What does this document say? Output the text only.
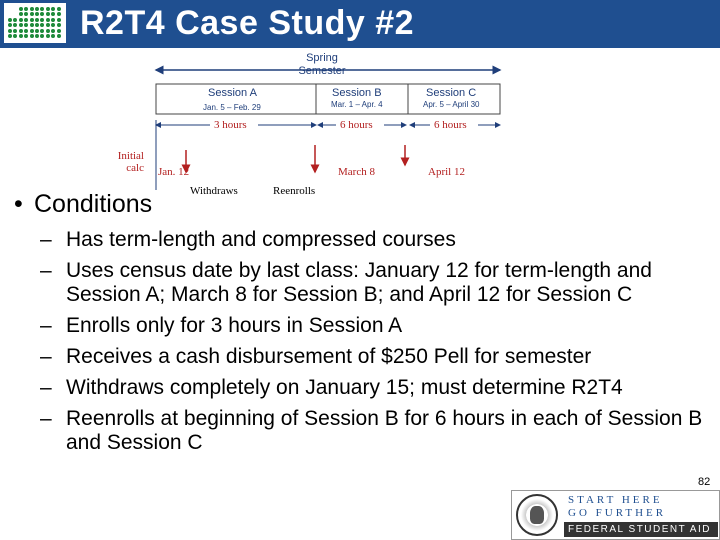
R2T4 Case Study #2
Spring
Semester
Session A
Jan. 5 – Feb. 29
Session B
Mar. 1 – Apr. 4
Session C
Apr. 5 – April 30
3 hours	6 hours	6 hours
Initial
calc Jan. 12	March 8	April 12
Withdraws	Reenrolls
• Conditions
– Has term-length and compressed courses
– Uses census date by last class: January 12 for term-length and Session A; March 8 for Session B; and April 12 for Session C
– Enrolls only for 3 hours in Session A
– Receives a cash disbursement of $250 Pell for semester
– Withdraws completely on January 15; must determine R2T4
– Reenrolls at beginning of Session B for 6 hours in each of Session B and Session C
82
START HERE
GO FURTHER
FEDERAL STUDENT AID
